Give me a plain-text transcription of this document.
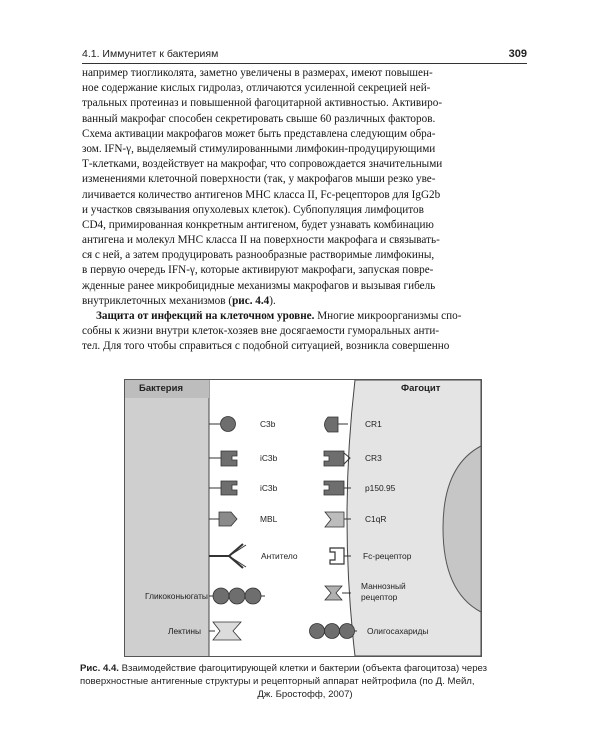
4.1. Иммунитет к бактериям	309
например тиогликолята, заметно увеличены в размерах, имеют повышен-
ное содержание кислых гидролаз, отличаются усиленной секрецией ней-
тральных протеиназ и повышенной фагоцитарной активностью. Активиро-
ванный макрофаг способен секретировать свыше 60 различных факторов.
Схема активации макрофагов может быть представлена следующим обра-
зом. IFN-γ, выделяемый стимулированными лимфокин-продуцирующими
Т-клетками, воздействует на макрофаг, что сопровождается значительными
изменениями клеточной поверхности (так, у макрофагов мыши резко уве-
личивается количество антигенов MHC класса II, Fc-рецепторов для IgG2b
и участков связывания опухолевых клеток). Субпопуляция лимфоцитов
CD4, примированная конкретным антигеном, будет узнавать комбинацию
антигена и молекул MHC класса II на поверхности макрофага и связывать-
ся с ней, а затем продуцировать разнообразные растворимые лимфокины,
в первую очередь IFN-γ, которые активируют макрофаги, запуская повре-
жденные ранее микробицидные механизмы макрофагов и вызывая гибель
внутриклеточных механизмов (рис. 4.4).
Защита от инфекций на клеточном уровне. Многие микроорганизмы спо-
собны к жизни внутри клеток-хозяев вне досягаемости гуморальных анти-
тел. Для того чтобы справиться с подобной ситуацией, возникла совершенно
Бактерия	Фагоцит
C3b
iC3b
iC3b
MBL
Антитело
Гликоконьюгаты
Лектины
CR1
CR3
p150.95
C1qR
Fc-рецептор
Маннозный
рецептор
Олигосахариды
Рис. 4.4. Взаимодействие фагоцитирующей клетки и бактерии (объекта фагоцитоза) через
поверхностные антигенные структуры и рецепторный аппарат нейтрофила (по Д. Мейл,
Дж. Бростофф, 2007)
